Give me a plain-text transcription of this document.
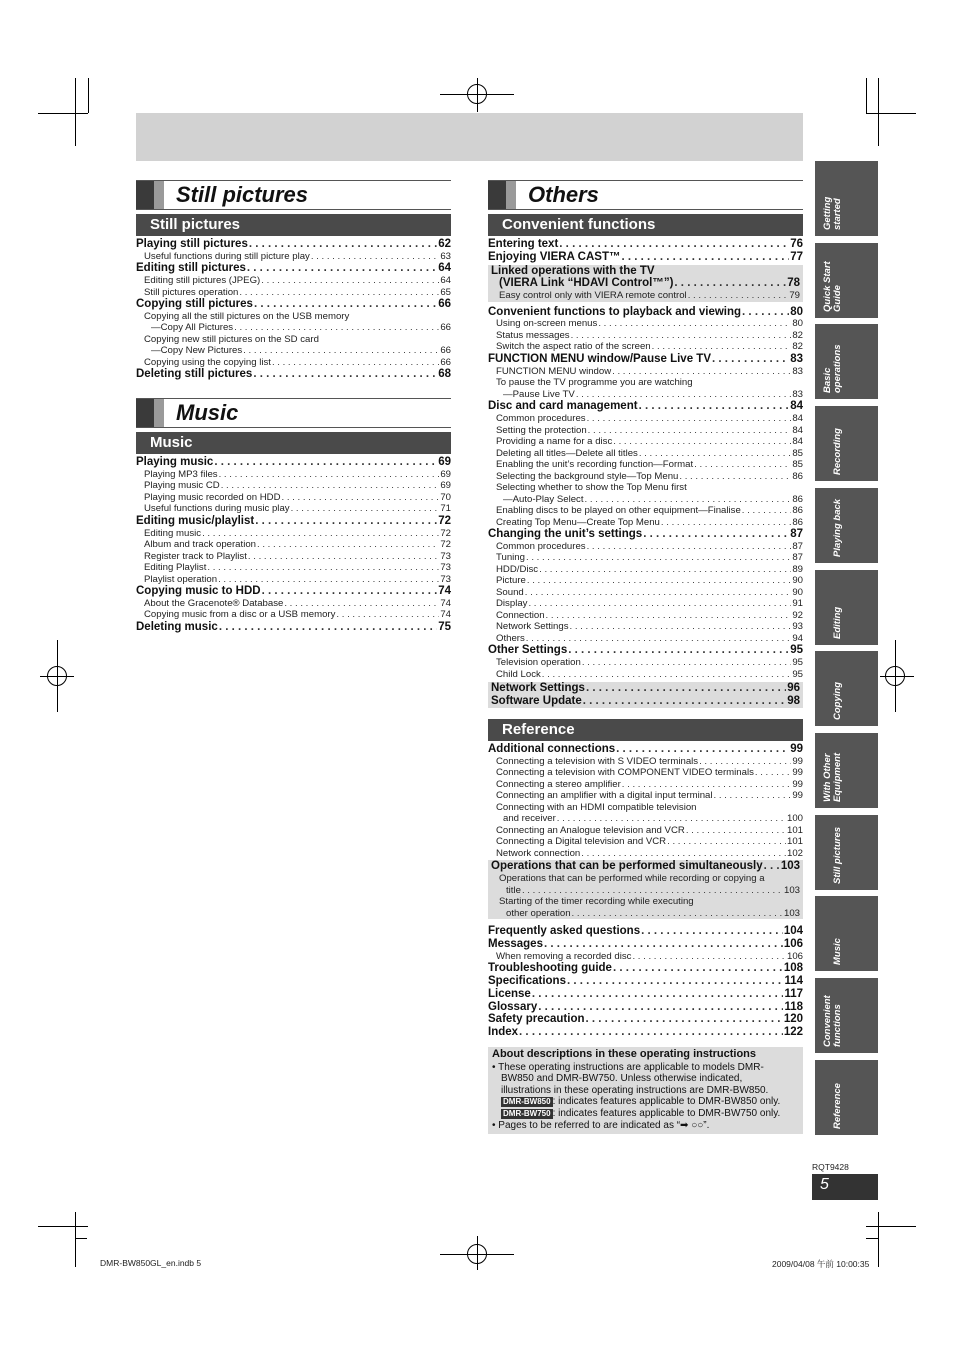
Still pictures
Still pictures
Playing still pictures . . .	62
Useful functions during still picture play . . .	63
Editing still pictures . . .	64
Editing still pictures (JPEG) . . .	64
Still pictures operation . . .	65
Copying still pictures . . .	66
Copying all the still pictures on the USB memory
—Copy All Pictures . . .	66
Copying new still pictures on the SD card
—Copy New Pictures . . .	66
Copying using the copying list . . .	66
Deleting still pictures . . .	68
Music
Music
Playing music . . .	69
Playing MP3 files . . .	69
Playing music CD . . .	69
Playing music recorded on HDD . . .	70
Useful functions during music play . . .	71
Editing music/playlist . . .	72
Editing music . . .	72
Album and track operation . . .	72
Register track to Playlist . . .	73
Editing Playlist . . .	73
Playlist operation . . .	73
Copying music to HDD . . .	74
About the Gracenote® Database . . .	74
Copying music from a disc or a USB memory . . .	74
Deleting music . . .	75
Others
Convenient functions
Entering text . . .	76
Enjoying VIERA CAST™ . . .	77
Linked operations with the TV
(VIERA Link “HDAVI Control™”) . . .	78
Easy control only with VIERA remote control . . .	79
Convenient functions to playback and viewing . . .	80
Using on-screen menus . . .	80
Status messages . . .	82
Switch the aspect ratio of the screen . . .	82
FUNCTION MENU window/Pause Live TV . . .	83
FUNCTION MENU window . . .	83
To pause the TV programme you are watching
—Pause Live TV . . .	83
Disc and card management . . .	84
Common procedures . . .	84
Setting the protection . . .	84
Providing a name for a disc . . .	84
Deleting all titles—Delete all titles . . .	85
Enabling the unit’s recording function—Format . . .	85
Selecting the background style—Top Menu . . .	86
Selecting whether to show the Top Menu first
—Auto-Play Select . . .	86
Enabling discs to be played on other equipment—Finalise . . .	86
Creating Top Menu—Create Top Menu . . .	86
Changing the unit’s settings . . .	87
Common procedures . . .	87
Tuning . . .	87
HDD/Disc . . .	89
Picture . . .	90
Sound . . .	90
Display . . .	91
Connection . . .	92
Network Settings . . .	93
Others . . .	94
Other Settings . . .	95
Television operation . . .	95
Child Lock . . .	95
Network Settings . . .	96
Software Update . . .	98
Reference
Additional connections . . .	99
Connecting a television with S VIDEO terminals . . .	99
Connecting a television with COMPONENT VIDEO terminals . . .	99
Connecting a stereo amplifier . . .	99
Connecting an amplifier with a digital input terminal . . .	99
Connecting with an HDMI compatible television
and receiver . . .	100
Connecting an Analogue television and VCR . . .	101
Connecting a Digital television and VCR . . .	101
Network connection . . .	102
Operations that can be performed simultaneously . . . 103
Operations that can be performed while recording or copying a
title . . .	103
Starting of the timer recording while executing
other operation . . .	103
Frequently asked questions . . .	104
Messages . . .	106
When removing a recorded disc . . .	106
Troubleshooting guide . . .	108
Specifications . . .	114
License . . .	117
Glossary . . .	118
Safety precaution . . .	120
Index . . .	122
About descriptions in these operating instructions
• These operating instructions are applicable to models DMR-
BW850 and DMR-BW750. Unless otherwise indicated,
illustrations in these operating instructions are DMR-BW850.
DMR-BW850 : indicates features applicable to DMR-BW850 only.
DMR-BW750 : indicates features applicable to DMR-BW750 only.
• Pages to be referred to are indicated as “➡ ○○”.
Getting started
Quick Start Guide
Basic operations
Recording
Playing back
Editing
Copying
With Other Equipment
Still pictures
Music
Convenient functions
Reference
RQT9428
5
DMR-BW850GL_en.indb 5	2009/04/08 午前 10:00:35
